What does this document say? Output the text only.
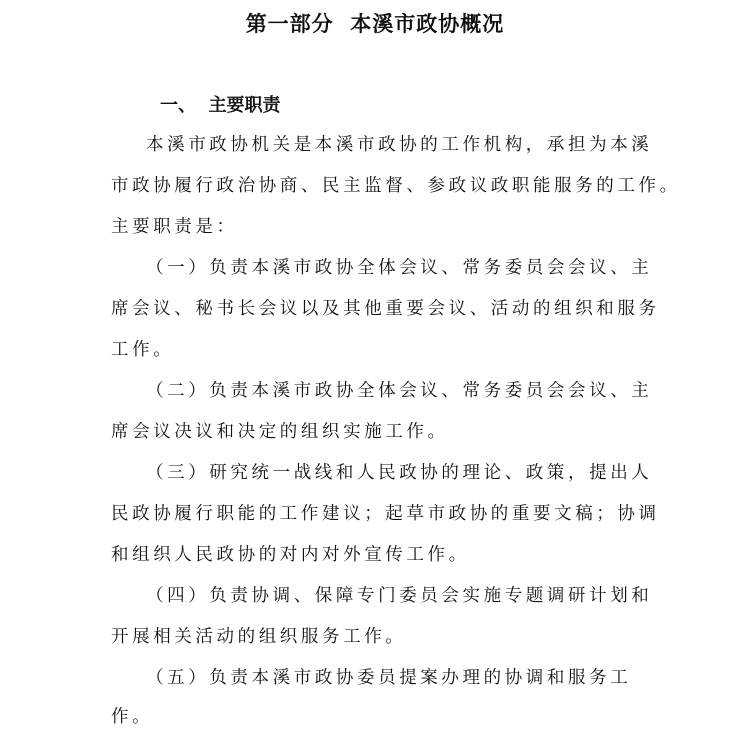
第一部分  本溪市政协概况
一、  主要职责
本溪市政协机关是本溪市政协的工作机构，承担为本溪
市政协履行政治协商、民主监督、参政议政职能服务的工作。
主要职责是：
（一）负责本溪市政协全体会议、常务委员会会议、主
席会议、秘书长会议以及其他重要会议、活动的组织和服务
工作。
（二）负责本溪市政协全体会议、常务委员会会议、主
席会议决议和决定的组织实施工作。
（三）研究统一战线和人民政协的理论、政策，提出人
民政协履行职能的工作建议；起草市政协的重要文稿；协调
和组织人民政协的对内对外宣传工作。
（四）负责协调、保障专门委员会实施专题调研计划和
开展相关活动的组织服务工作。
（五）负责本溪市政协委员提案办理的协调和服务工
作。
